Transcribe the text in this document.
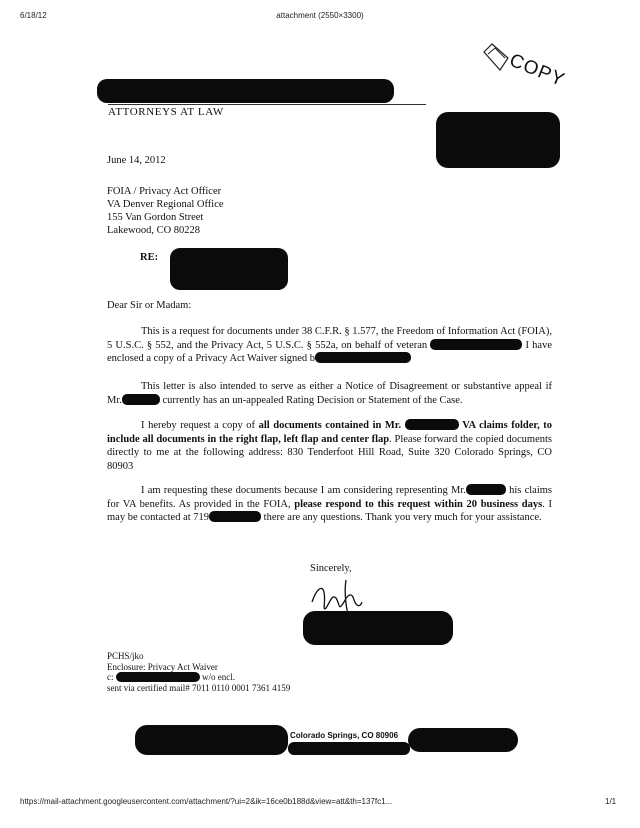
6/18/12	attachment (2550×3300)
COPY
ATTORNEYS AT LAW
June 14, 2012
FOIA / Privacy Act Officer
VA Denver Regional Office
155 Van Gordon Street
Lakewood, CO 80228
RE:
Dear Sir or Madam:
This is a request for documents under 38 C.F.R. § 1.577, the Freedom of Information Act (FOIA), 5 U.S.C. § 552, and the Privacy Act, 5 U.S.C. § 552a, on behalf of veteran	I have enclosed a copy of a Privacy Act Waiver signed b
This letter is also intended to serve as either a Notice of Disagreement or substantive appeal if Mr.	currently has an un-appealed Rating Decision or Statement of the Case.
I hereby request a copy of all documents contained in Mr.	VA claims folder, to include all documents in the right flap, left flap and center flap. Please forward the copied documents directly to me at the following address: 830 Tenderfoot Hill Road, Suite 320 Colorado Springs, CO 80903
I am requesting these documents because I am considering representing Mr.	his claims for VA benefits. As provided in the FOIA, please respond to this request within 20 business days. I may be contacted at 719	there are any questions. Thank you very much for your assistance.
Sincerely,
PCHS/jko
Enclosure: Privacy Act Waiver
c:	w/o encl.
sent via certified mail# 7011 0110 0001 7361 4159
Colorado Springs, CO 80906
https://mail-attachment.googleusercontent.com/attachment/?ui=2&ik=16ce0b188d&view=att&th=137fc1...	1/1
